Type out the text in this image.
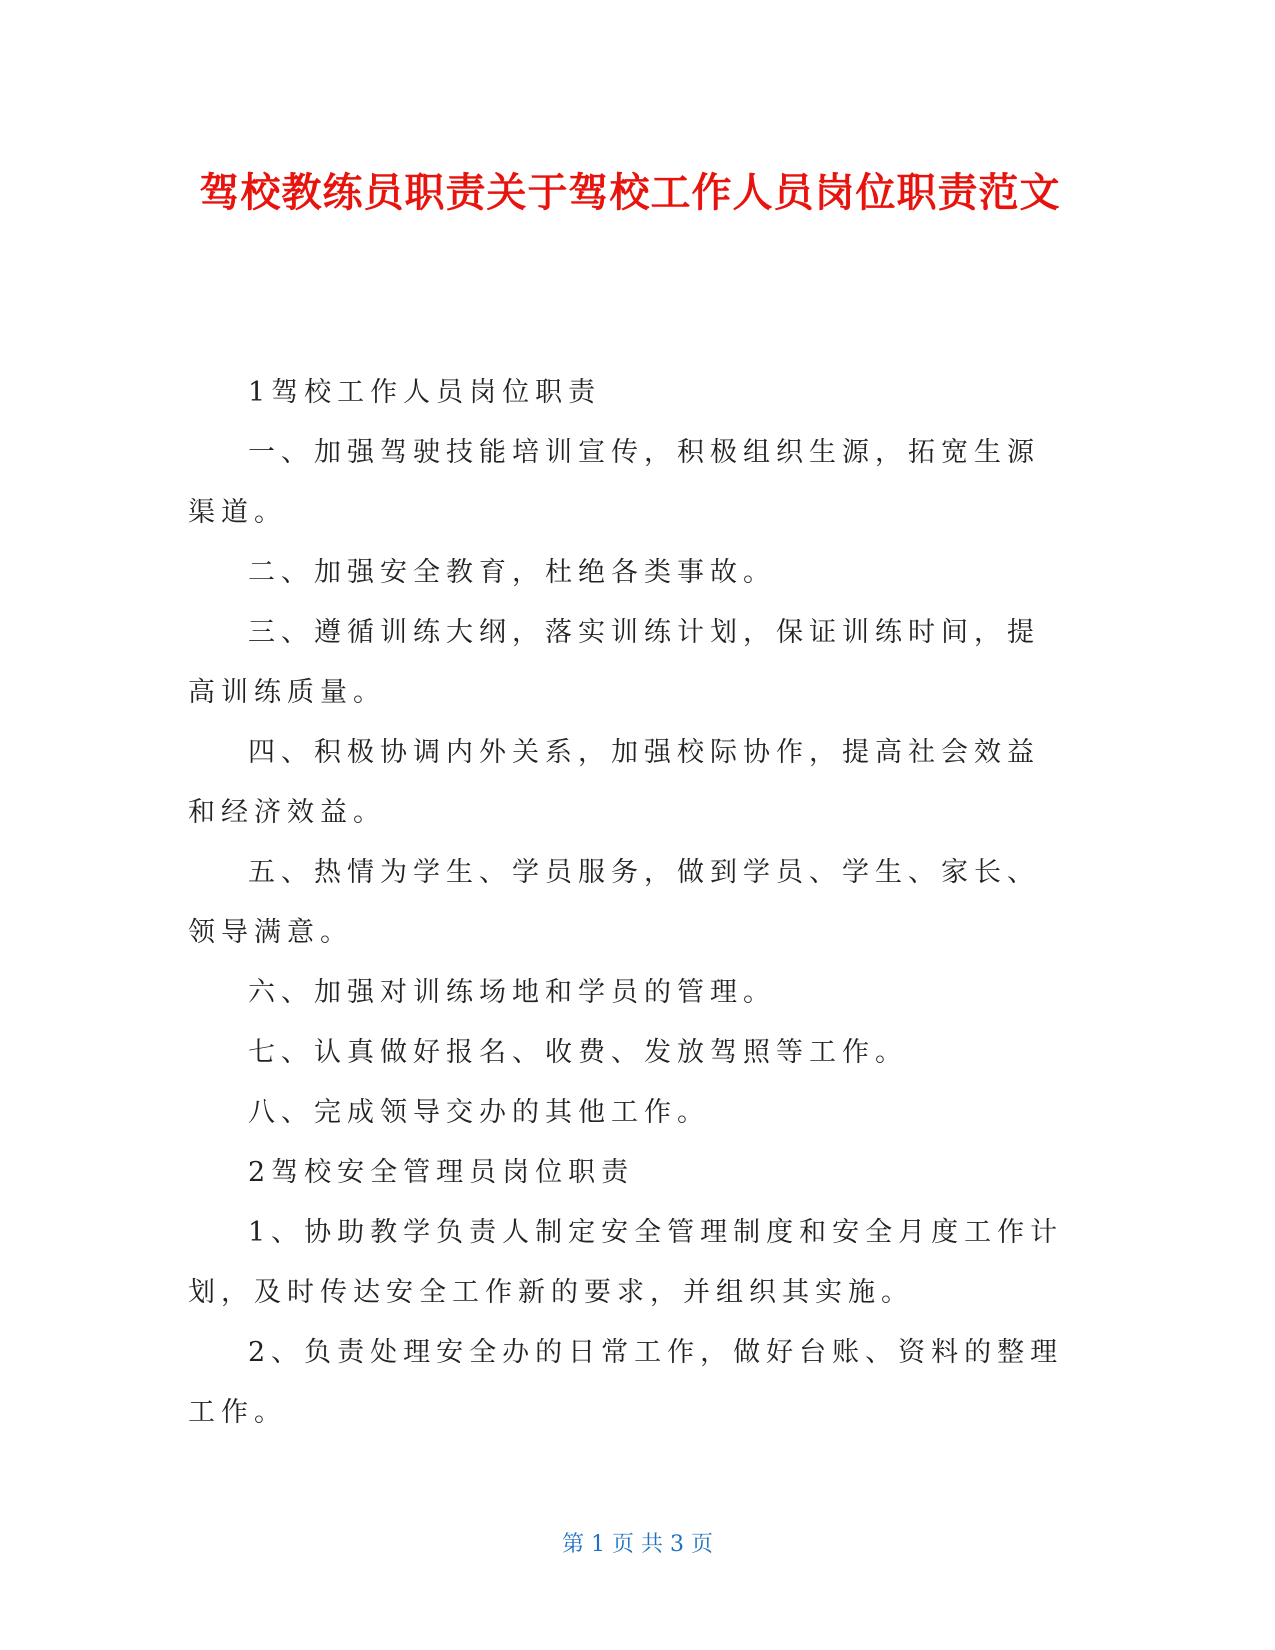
驾校教练员职责关于驾校工作人员岗位职责范文

1驾校工作人员岗位职责

一、加强驾驶技能培训宣传，积极组织生源，拓宽生源渠道。

二、加强安全教育，杜绝各类事故。

三、遵循训练大纲，落实训练计划，保证训练时间，提高训练质量。

四、积极协调内外关系，加强校际协作，提高社会效益和经济效益。

五、热情为学生、学员服务，做到学员、学生、家长、领导满意。

六、加强对训练场地和学员的管理。

七、认真做好报名、收费、发放驾照等工作。

八、完成领导交办的其他工作。

2驾校安全管理员岗位职责

1、协助教学负责人制定安全管理制度和安全月度工作计划，及时传达安全工作新的要求，并组织其实施。

2、负责处理安全办的日常工作，做好台账、资料的整理工作。

第 1 页 共 3 页
